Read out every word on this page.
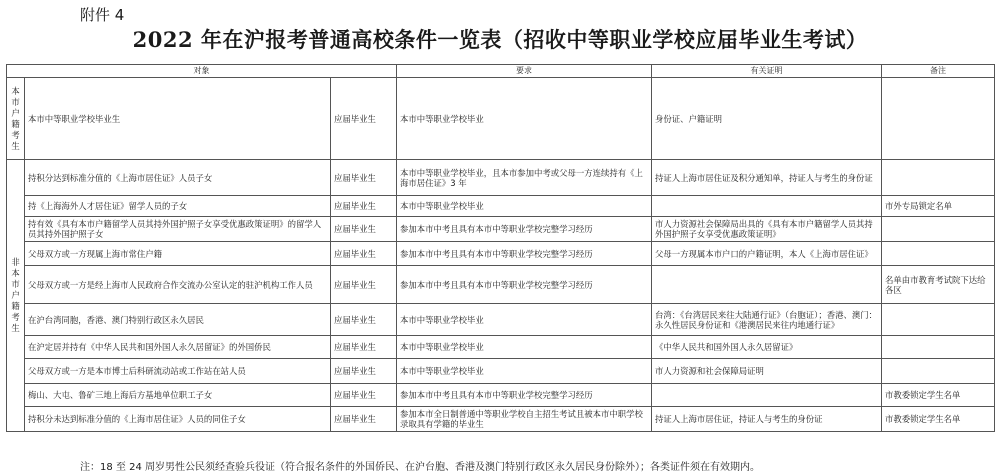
附件 4
2022 年在沪报考普通高校条件一览表（招收中等职业学校应届毕业生考试）
对象			要求	有关证明	备注

本市户籍考生	本市中等职业学校毕业生	应届毕业生	本市中等职业学校毕业	身份证、户籍证明	

非本市户籍考生	持积分达到标准分值的《上海市居住证》人员子女	应届毕业生	本市中等职业学校毕业，且本市参加中考或父母一方连续持有《上海市居住证》3 年	持证人上海市居住证及积分通知单，持证人与考生的身份证	
	持《上海海外人才居住证》留学人员的子女	应届毕业生	本市中等职业学校毕业		市外专局锁定名单
	持有效《具有本市户籍留学人员其持外国护照子女享受优惠政策证明》的留学人员其持外国护照子女	应届毕业生	参加本市中考且具有本市中等职业学校完整学习经历	市人力资源社会保障局出具的《具有本市户籍留学人员其持外国护照子女享受优惠政策证明》	
	父母双方或一方现属上海市常住户籍	应届毕业生	参加本市中考且具有本市中等职业学校完整学习经历	父母一方现属本市户口的户籍证明，本人《上海市居住证》	
	父母双方或一方是经上海市人民政府合作交流办公室认定的驻沪机构工作人员	应届毕业生	参加本市中考且具有本市中等职业学校完整学习经历		名单由市教育考试院下达给各区
	在沪台湾同胞，香港、澳门特别行政区永久居民	应届毕业生	本市中等职业学校毕业	台湾：《台湾居民来往大陆通行证》（台胞证）；香港、澳门：永久性居民身份证和《港澳居民来往内地通行证》	
	在沪定居并持有《中华人民共和国外国人永久居留证》的外国侨民	应届毕业生	本市中等职业学校毕业	《中华人民共和国外国人永久居留证》	
	父母双方或一方是本市博士后科研流动站或工作站在站人员	应届毕业生	本市中等职业学校毕业	市人力资源和社会保障局证明	
	梅山、大屯、鲁矿三地上海后方基地单位职工子女	应届毕业生	参加本市中考且具有本市中等职业学校完整学习经历		市教委锁定学生名单
	持积分未达到标准分值的《上海市居住证》人员的同住子女	应届毕业生	参加本市全日制普通中等职业学校自主招生考试且被本市中职学校录取具有学籍的毕业生	持证人上海市居住证，持证人与考生的身份证	市教委锁定学生名单
注：18 至 24 周岁男性公民须经查验兵役证（符合报名条件的外国侨民、在沪台胞、香港及澳门特别行政区永久居民身份除外）；各类证件须在有效期内。
